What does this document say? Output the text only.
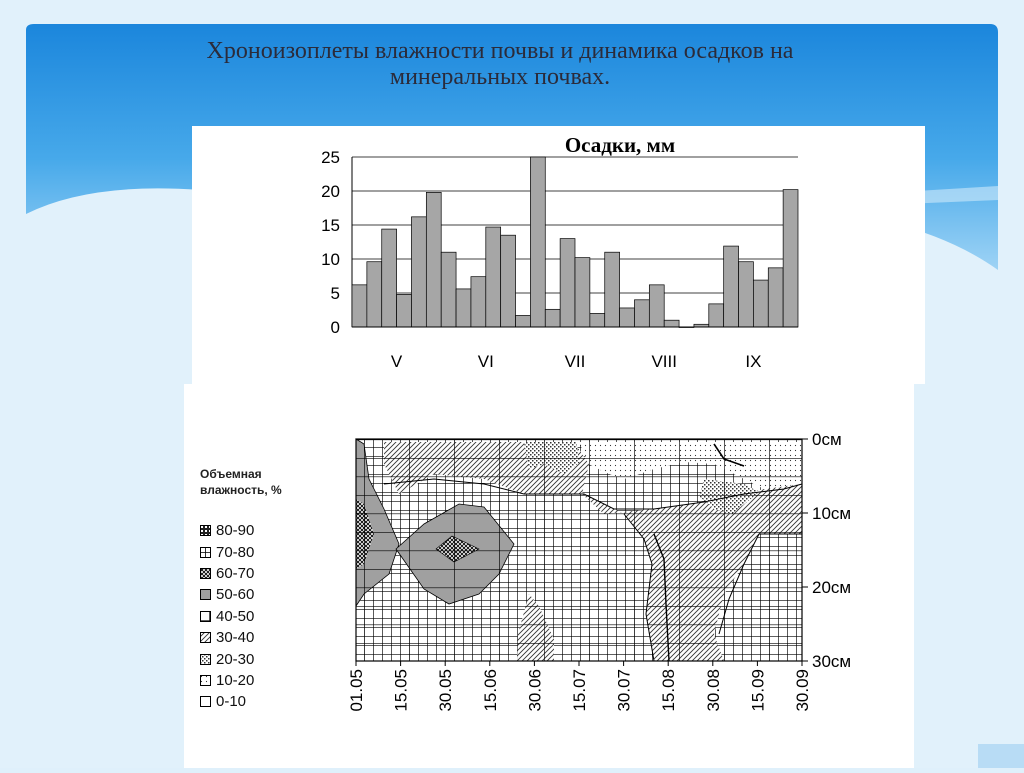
Хроноизоплеты влажности почвы и динамика осадков на
минеральных почвах.
0
5
10
15
20
25
V	VI	VII	VIII	IX
Осадки, мм
01.05 15.05 30.05 15.06 30.06 15.07 30.07 15.08 30.08 15.09 30.09
0см
10см
20см
30см
Объемная
влажность, %
80-90
70-80
60-70
50-60
40-50
30-40
20-30
10-20
0-10
